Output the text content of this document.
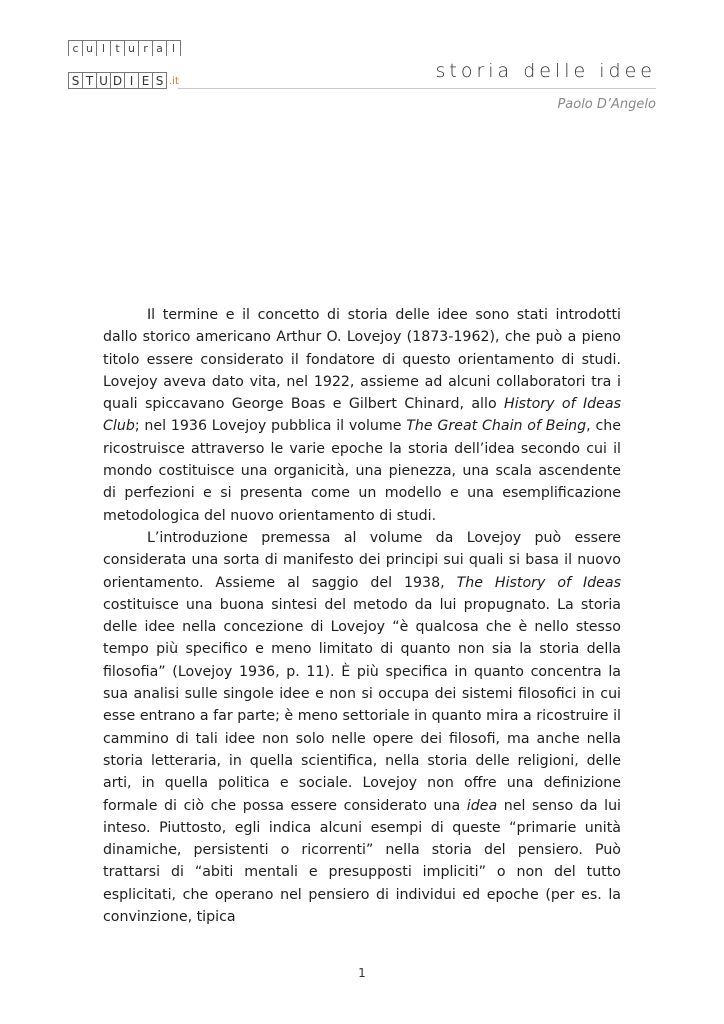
c u l t u r a l
S T U D I E S .it	storia delle idee
Paolo D’Angelo

Il termine e il concetto di storia delle idee sono stati introdotti dallo storico americano Arthur O. Lovejoy (1873-1962), che può a pieno titolo essere considerato il fondatore di questo orientamento di studi. Lovejoy aveva dato vita, nel 1922, assieme ad alcuni collaboratori tra i quali spiccavano George Boas e Gilbert Chinard, allo History of Ideas Club; nel 1936 Lovejoy pubblica il volume The Great Chain of Being, che ricostruisce attraverso le varie epoche la storia dell’idea secondo cui il mondo costituisce una organicità, una pienezza, una scala ascendente di perfezioni e si presenta come un modello e una esemplificazione metodologica del nuovo orientamento di studi.

L’introduzione premessa al volume da Lovejoy può essere considerata una sorta di manifesto dei principi sui quali si basa il nuovo orientamento. Assieme al saggio del 1938, The History of Ideas costituisce una buona sintesi del metodo da lui propugnato. La storia delle idee nella concezione di Lovejoy “è qualcosa che è nello stesso tempo più specifico e meno limitato di quanto non sia la storia della filosofia” (Lovejoy 1936, p. 11). È più specifica in quanto concentra la sua analisi sulle singole idee e non si occupa dei sistemi filosofici in cui esse entrano a far parte; è meno settoriale in quanto mira a ricostruire il cammino di tali idee non solo nelle opere dei filosofi, ma anche nella storia letteraria, in quella scientifica, nella storia delle religioni, delle arti, in quella politica e sociale. Lovejoy non offre una definizione formale di ciò che possa essere considerato una idea nel senso da lui inteso. Piuttosto, egli indica alcuni esempi di queste “primarie unità dinamiche, persistenti o ricorrenti” nella storia del pensiero. Può trattarsi di “abiti mentali e presupposti impliciti” o non del tutto esplicitati, che operano nel pensiero di individui ed epoche (per es. la convinzione, tipica

1
